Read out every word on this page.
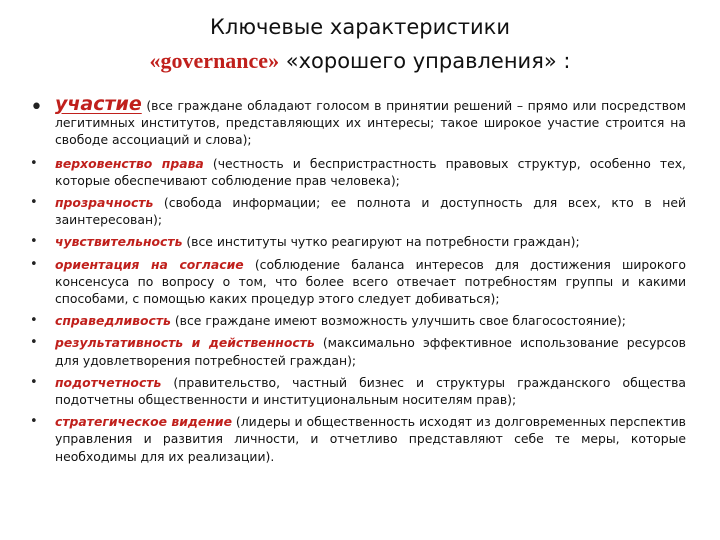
Ключевые характеристики
«governance» «хорошего управления» :
• участие (все граждане обладают голосом в принятии решений – прямо или посредством легитимных институтов, представляющих их интересы; такое широкое участие строится на свободе ассоциаций и слова);
• верховенство права (честность и беспристрастность правовых структур, особенно тех, которые обеспечивают соблюдение прав человека);
• прозрачность (свобода информации; ее полнота и доступность для всех, кто в ней заинтересован);
• чувствительность (все институты чутко реагируют на потребности граждан);
• ориентация на согласие (соблюдение баланса интересов для достижения широкого консенсуса по вопросу о том, что более всего отвечает потребностям группы и какими способами, с помощью каких процедур этого следует добиваться);
• справедливость (все граждане имеют возможность улучшить свое благосостояние);
• результативность и действенность (максимально эффективное использование ресурсов для удовлетворения потребностей граждан);
• подотчетность (правительство, частный бизнес и структуры гражданского общества подотчетны общественности и институциональным носителям прав);
• стратегическое видение (лидеры и общественность исходят из долговременных перспектив управления и развития личности, и отчетливо представляют себе те меры, которые необходимы для их реализации).
